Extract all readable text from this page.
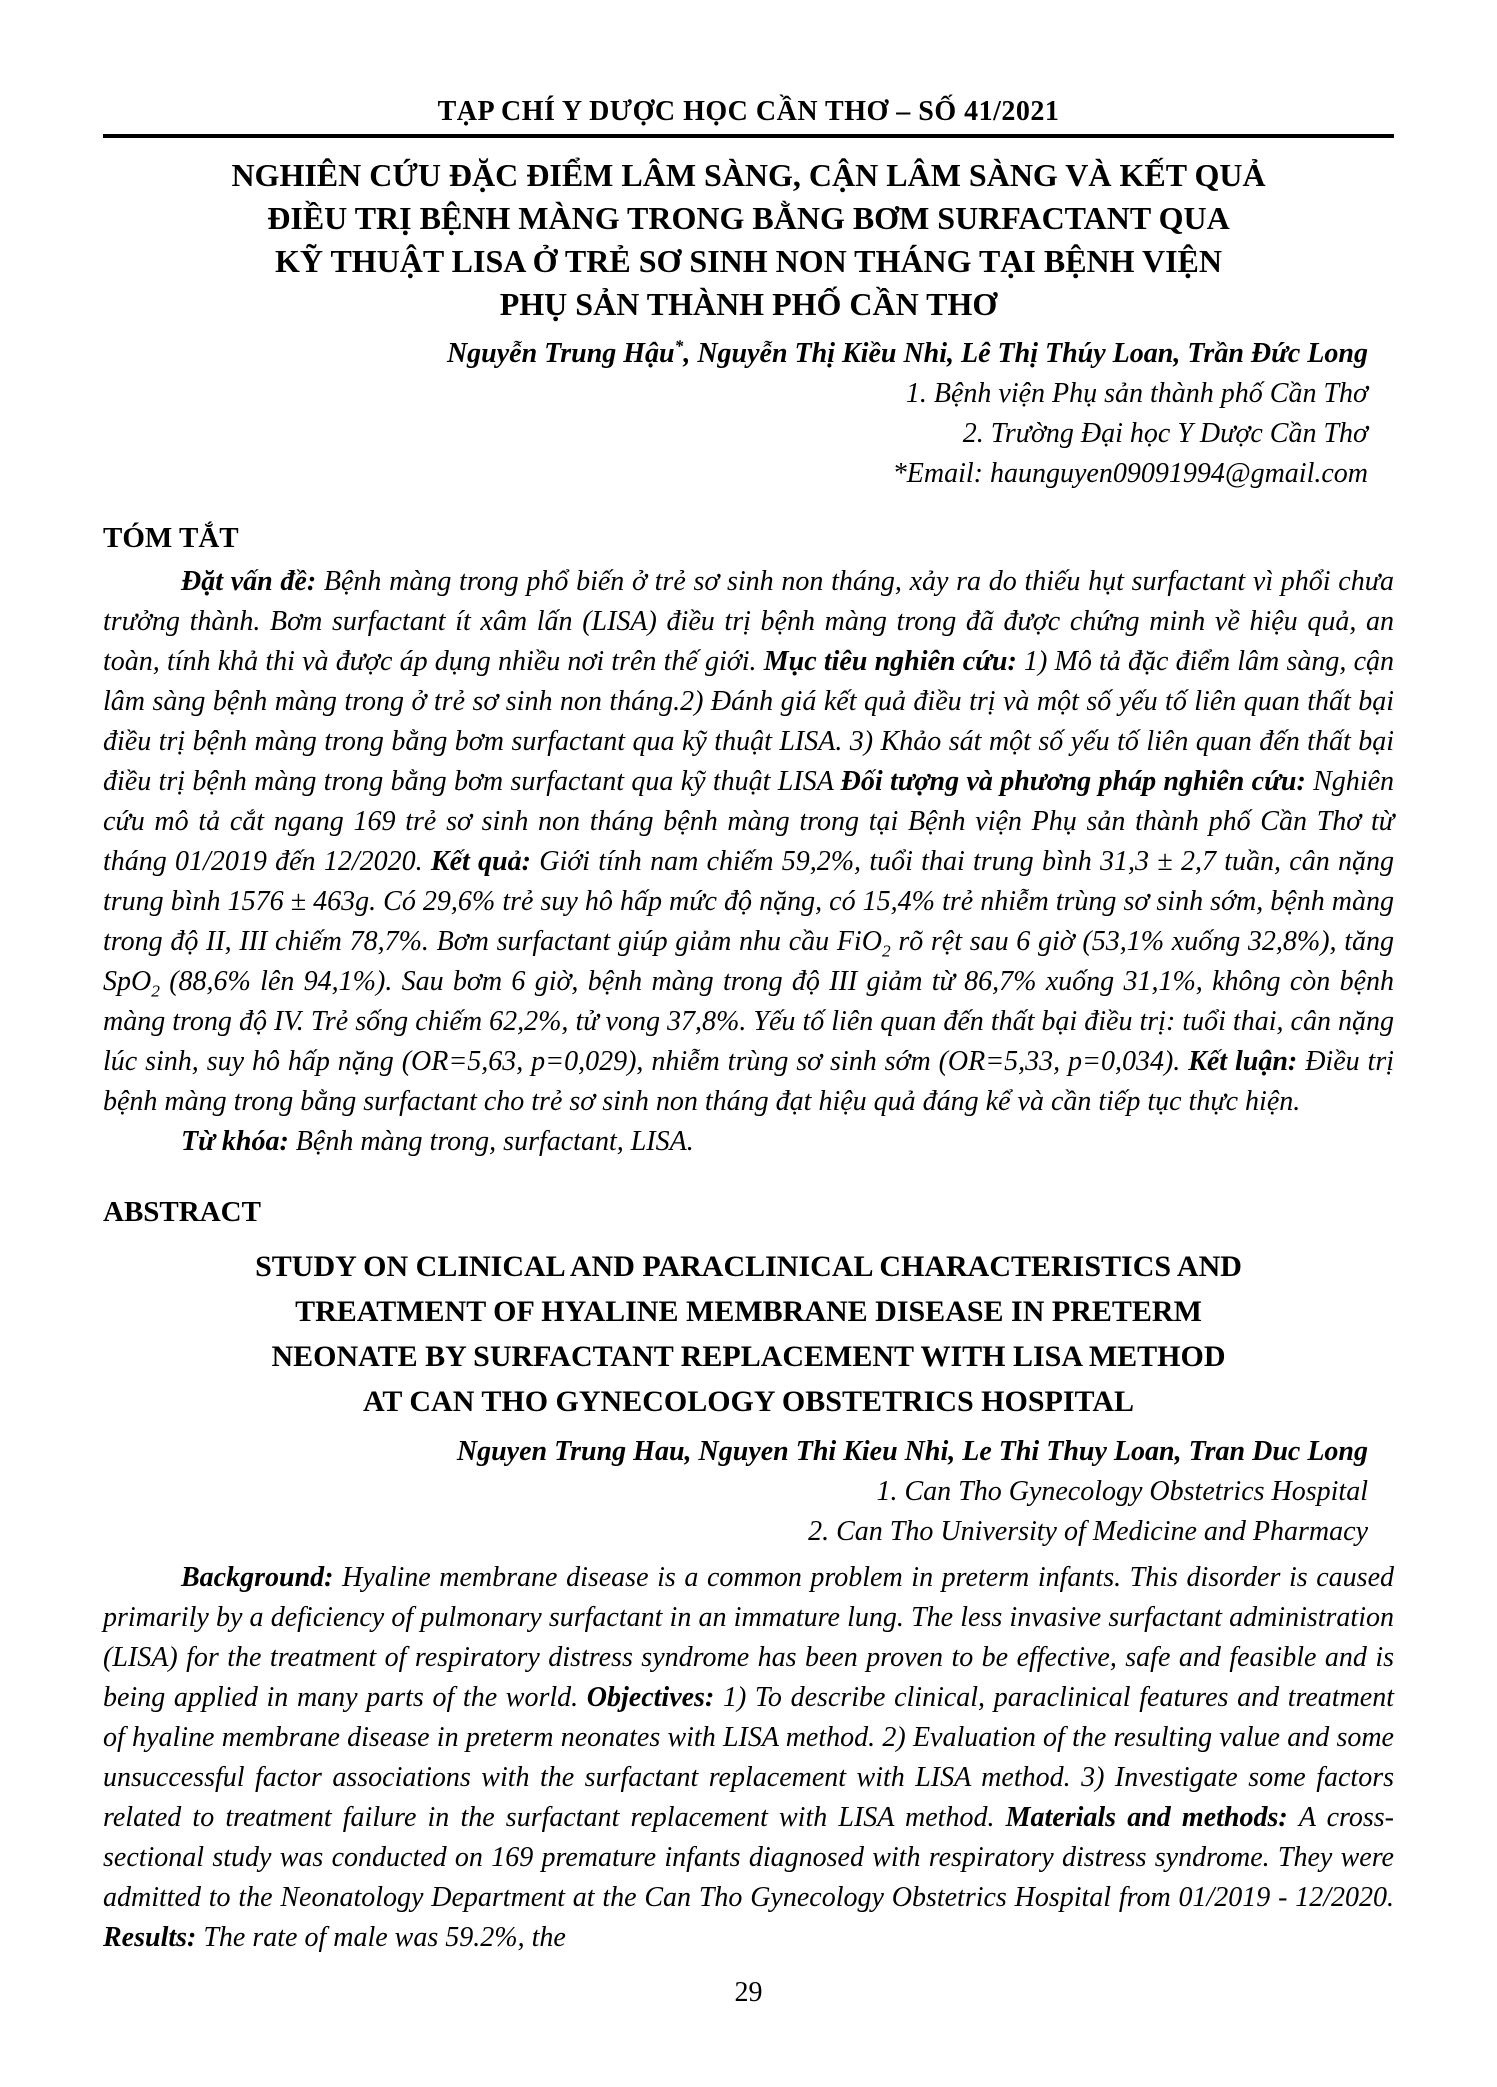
TẠP CHÍ Y DƯỢC HỌC CẦN THƠ – SỐ 41/2021
NGHIÊN CỨU ĐẶC ĐIỂM LÂM SÀNG, CẬN LÂM SÀNG VÀ KẾT QUẢ
ĐIỀU TRỊ BỆNH MÀNG TRONG BẰNG BƠM SURFACTANT QUA
KỸ THUẬT LISA Ở TRẺ SƠ SINH NON THÁNG TẠI BỆNH VIỆN
PHỤ SẢN THÀNH PHỐ CẦN THƠ
Nguyễn Trung Hậu*, Nguyễn Thị Kiều Nhi, Lê Thị Thúy Loan, Trần Đức Long
1. Bệnh viện Phụ sản thành phố Cần Thơ
2. Trường Đại học Y Dược Cần Thơ
*Email: haunguyen09091994@gmail.com
TÓM TẮT

Đặt vấn đề: Bệnh màng trong phổ biến ở trẻ sơ sinh non tháng, xảy ra do thiếu hụt surfactant vì phổi chưa trưởng thành. Bơm surfactant ít xâm lấn (LISA) điều trị bệnh màng trong đã được chứng minh về hiệu quả, an toàn, tính khả thi và được áp dụng nhiều nơi trên thế giới. Mục tiêu nghiên cứu: 1) Mô tả đặc điểm lâm sàng, cận lâm sàng bệnh màng trong ở trẻ sơ sinh non tháng.2) Đánh giá kết quả điều trị và một số yếu tố liên quan thất bại điều trị bệnh màng trong bằng bơm surfactant qua kỹ thuật LISA. 3) Khảo sát một số yếu tố liên quan đến thất bại điều trị bệnh màng trong bằng bơm surfactant qua kỹ thuật LISA Đối tượng và phương pháp nghiên cứu: Nghiên cứu mô tả cắt ngang 169 trẻ sơ sinh non tháng bệnh màng trong tại Bệnh viện Phụ sản thành phố Cần Thơ từ tháng 01/2019 đến 12/2020. Kết quả: Giới tính nam chiếm 59,2%, tuổi thai trung bình 31,3 ± 2,7 tuần, cân nặng trung bình 1576 ± 463g. Có 29,6% trẻ suy hô hấp mức độ nặng, có 15,4% trẻ nhiễm trùng sơ sinh sớm, bệnh màng trong độ II, III chiếm 78,7%. Bơm surfactant giúp giảm nhu cầu FiO$_2$ rõ rệt sau 6 giờ (53,1% xuống 32,8%), tăng SpO$_2$ (88,6% lên 94,1%). Sau bơm 6 giờ, bệnh màng trong độ III giảm từ 86,7% xuống 31,1%, không còn bệnh màng trong độ IV. Trẻ sống chiếm 62,2%, tử vong 37,8%. Yếu tố liên quan đến thất bại điều trị: tuổi thai, cân nặng lúc sinh, suy hô hấp nặng (OR=5,63, p=0,029), nhiễm trùng sơ sinh sớm (OR=5,33, p=0,034). Kết luận: Điều trị bệnh màng trong bằng surfactant cho trẻ sơ sinh non tháng đạt hiệu quả đáng kể và cần tiếp tục thực hiện.

Từ khóa: Bệnh màng trong, surfactant, LISA.

ABSTRACT
STUDY ON CLINICAL AND PARACLINICAL CHARACTERISTICS AND
TREATMENT OF HYALINE MEMBRANE DISEASE IN PRETERM
NEONATE BY SURFACTANT REPLACEMENT WITH LISA METHOD
AT CAN THO GYNECOLOGY OBSTETRICS HOSPITAL
Nguyen Trung Hau, Nguyen Thi Kieu Nhi, Le Thi Thuy Loan, Tran Duc Long
1. Can Tho Gynecology Obstetrics Hospital
2. Can Tho University of Medicine and Pharmacy

Background: Hyaline membrane disease is a common problem in preterm infants. This disorder is caused primarily by a deficiency of pulmonary surfactant in an immature lung. The less invasive surfactant administration (LISA) for the treatment of respiratory distress syndrome has been proven to be effective, safe and feasible and is being applied in many parts of the world. Objectives: 1) To describe clinical, paraclinical features and treatment of hyaline membrane disease in preterm neonates with LISA method. 2) Evaluation of the resulting value and some unsuccessful factor associations with the surfactant replacement with LISA method. 3) Investigate some factors related to treatment failure in the surfactant replacement with LISA method. Materials and methods: A cross-sectional study was conducted on 169 premature infants diagnosed with respiratory distress syndrome. They were admitted to the Neonatology Department at the Can Tho Gynecology Obstetrics Hospital from 01/2019 - 12/2020. Results: The rate of male was 59.2%, the

29
